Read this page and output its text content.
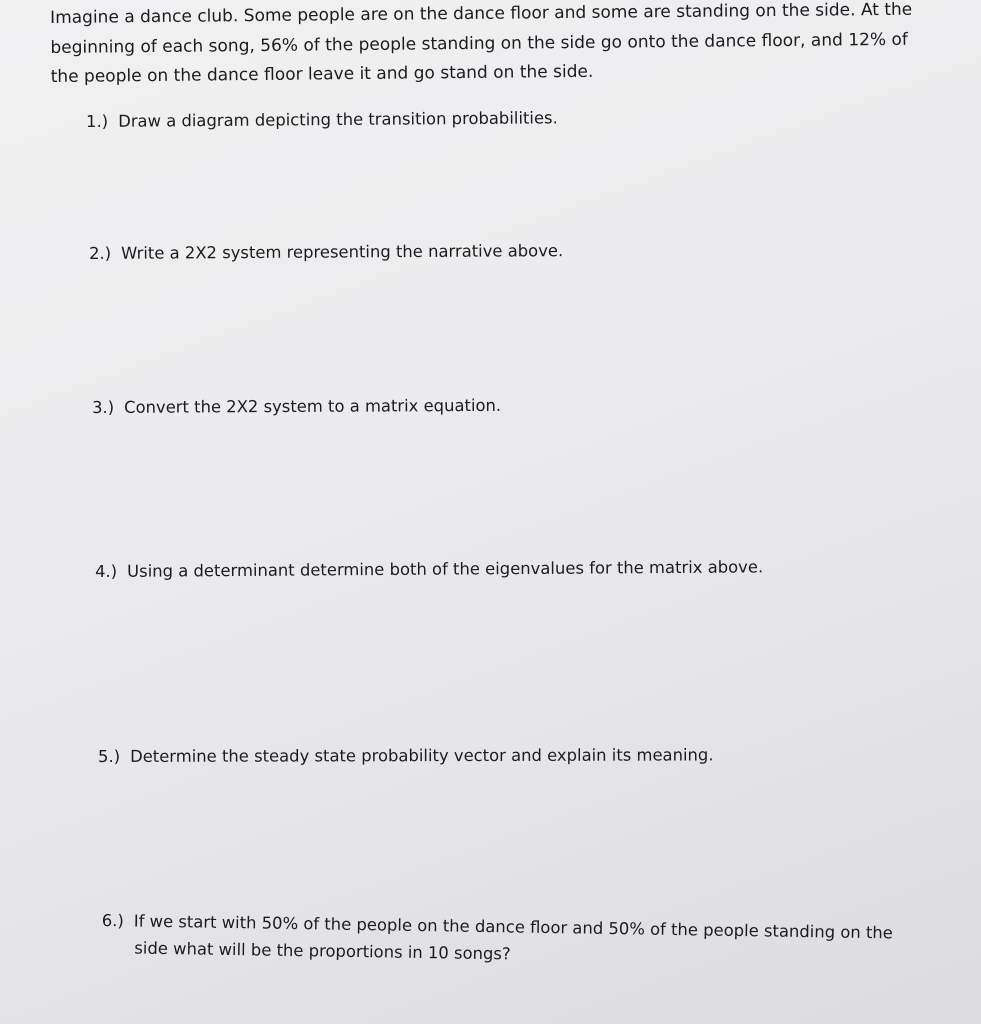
Imagine a dance club. Some people are on the dance floor and some are standing on the side. At the beginning of each song, 56% of the people standing on the side go onto the dance floor, and 12% of the people on the dance floor leave it and go stand on the side.

1.) Draw a diagram depicting the transition probabilities.

2.) Write a 2X2 system representing the narrative above.

3.) Convert the 2X2 system to a matrix equation.

4.) Using a determinant determine both of the eigenvalues for the matrix above.

5.) Determine the steady state probability vector and explain its meaning.

6.) If we start with 50% of the people on the dance floor and 50% of the people standing on the
side what will be the proportions in 10 songs?
